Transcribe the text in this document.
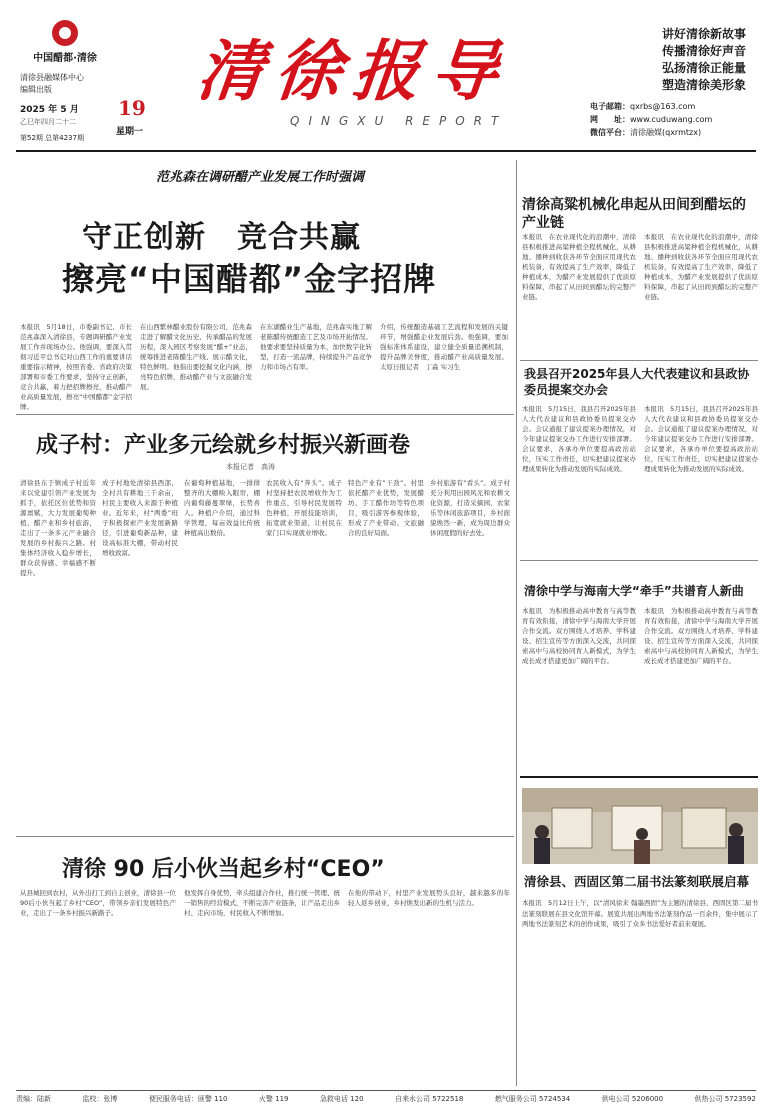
中国醋都·清徐
清徐县融媒体中心
编辑出版
2025 年 5 月
乙巳年四月二十二
第52期 总第4237期
19
星期一
清徐报导
QINGXU REPORT
讲好清徐新故事
传播清徐好声音
弘扬清徐正能量
塑造清徐美形象
电子邮箱：qxrbs@163.com
网　　址：www.cuduwang.com
微信平台：清徐融媒(qxrmtzx)
范兆森在调研醋产业发展工作时强调
守正创新　竞合共赢
擦亮“中国醋都”金字招牌
本报讯　5月18日，市委副书记、市长范兆森深入清徐县，专题调研醋产业发展工作并现场办公。他强调，要深入贯彻习近平总书记对山西工作的重要讲话重要指示精神，按照省委、省政府决策部署和市委工作要求，坚持守正创新，竞合共赢，着力把招牌擦亮，推动醋产业高质量发展，擦亮“中国醋都”金字招牌。
在山西紫林醋业股份有限公司，范兆森走进了解醋文化历史、传承醋品的发展历程，深入园区考察发展“醋+”业态，统筹推进老陈醋生产线、展示醋文化，特色鲜明。他指出要挖掘文化内涵，擦亮特色招牌，推动醋产业与文旅融合发展。
在东湖醋业生产基地，范兆森实地了解老陈醋传统酿造工艺及市场开拓情况。他要求要坚持质量为本，加快数字化转型，打造一流品牌，持续提升产品竞争力和市场占有率。
介绍，传统酿造基础工艺流程和发展的关键环节，增强醋企业发展后劲。他强调，要加强标准体系建设，建立健全质量追溯机制，提升品牌美誉度，推动醋产业高质量发展。太原日报记者　丁淼 实习生
成子村：产业多元绘就乡村振兴新画卷
本报记者　高涛
清徐县东于镇成子村近年来以党建引领产业发展为抓手，依托区位优势和资源禀赋，大力发展葡萄种植、醋产业和乡村旅游，走出了一条多元产业融合发展的乡村振兴之路。村集体经济收入稳步增长，群众获得感、幸福感不断提升。
成子村地处清徐县西部，全村共有耕地三千余亩，村民主要收入来源于种植业。近年来，村“两委”班子积极探索产业发展新路径，引进葡萄新品种，建设高标准大棚，带动村民增收致富。
在葡萄种植基地，一排排整齐的大棚映入眼帘，棚内葡萄藤蔓翠绿，长势喜人。种植户介绍，通过科学管理，每亩效益比传统种植高出数倍。
农民收入有“奔头”。成子村坚持把农民增收作为工作重点，引导村民发展特色种植，开展技能培训，拓宽就业渠道，让村民在家门口实现就业增收。
特色产业有“干劲”。村里依托醋产业优势，发展醋坊、手工醋作坊等特色项目，吸引游客参观体验，形成了产业带动、文旅融合的良好局面。
乡村旅游有“看头”。成子村充分利用田园风光和农耕文化资源，打造采摘园、农家乐等休闲旅游项目，乡村面貌焕然一新，成为周边群众休闲度假的好去处。
清徐 90 后小伙当起乡村“CEO”
从县城回到农村，从外出打工到自主创业，清徐县一位90后小伙当起了乡村“CEO”，带领乡亲们发展特色产业，走出了一条乡村振兴新路子。
他发挥自身优势，牵头组建合作社，推行统一管理、统一销售的经营模式，不断完善产业链条，让产品走出乡村、走向市场，村民收入不断增加。
在他的带动下，村里产业发展势头良好，越来越多的年轻人返乡创业，乡村焕发出新的生机与活力。
清徐高粱机械化串起从田间到醋坛的产业链
本报讯　在农业现代化的浪潮中，清徐县积极推进高粱种植全程机械化，从耕地、播种到收获各环节全面应用现代农机装备，有效提高了生产效率，降低了种植成本，为醋产业发展提供了优质原料保障，串起了从田间到醋坛的完整产业链。
本报讯　在农业现代化的浪潮中，清徐县积极推进高粱种植全程机械化，从耕地、播种到收获各环节全面应用现代农机装备，有效提高了生产效率，降低了种植成本，为醋产业发展提供了优质原料保障，串起了从田间到醋坛的完整产业链。
我县召开2025年县人大代表建议和县政协委员提案交办会
本报讯　5月15日，我县召开2025年县人大代表建议和县政协委员提案交办会。会议通报了建议提案办理情况，对今年建议提案交办工作进行安排部署。会议要求，各承办单位要提高政治站位，压实工作责任，切实把建议提案办理成果转化为推动发展的实际成效。
本报讯　5月15日，我县召开2025年县人大代表建议和县政协委员提案交办会。会议通报了建议提案办理情况，对今年建议提案交办工作进行安排部署。会议要求，各承办单位要提高政治站位，压实工作责任，切实把建议提案办理成果转化为推动发展的实际成效。
清徐中学与海南大学“牵手”共谱育人新曲
本报讯　为积极推动高中教育与高等教育有效衔接，清徐中学与海南大学开展合作交流。双方围绕人才培养、学科建设、招生宣传等方面深入交流，共同探索高中与高校协同育人新模式，为学生成长成才搭建更加广阔的平台。
本报讯　为积极推动高中教育与高等教育有效衔接，清徐中学与海南大学开展合作交流。双方围绕人才培养、学科建设、招生宣传等方面深入交流，共同探索高中与高校协同育人新模式，为学生成长成才搭建更加广阔的平台。
清徐县、西固区第二届书法篆刻联展启幕
本报讯　5月12日上午，以“清风徐来 翰墨西固”为主题的清徐县、西固区第二届书法篆刻联展在县文化馆开幕。展览共展出两地书法篆刻作品一百余件，集中展示了两地书法篆刻艺术的创作成果，吸引了众多书法爱好者前来观展。
责编：陆新	监校：张博	便民服务电话：匪警 110	火警 119	急救电话 120	自来水公司 5722518	燃气服务公司 5724534	供电公司 5206000	供热公司 5723592
